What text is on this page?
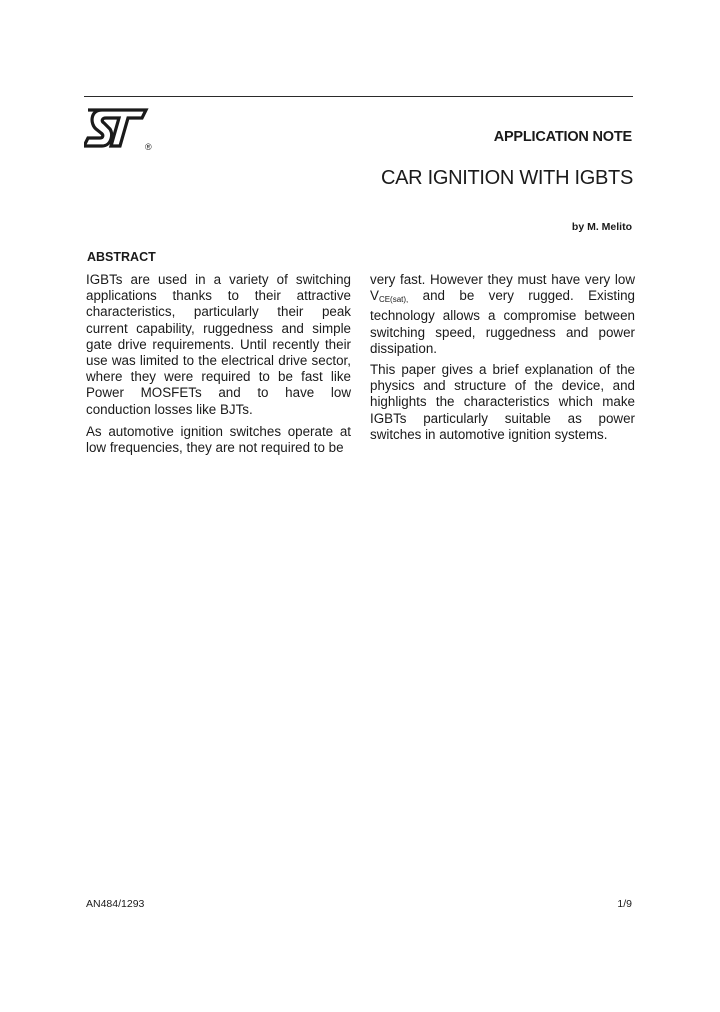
®
APPLICATION NOTE
CAR IGNITION WITH IGBTS
by M. Melito
ABSTRACT

IGBTs are used in a variety of switching applications thanks to their attractive characteristics, particularly their peak current capability, ruggedness and simple gate drive requirements. Until recently their use was limited to the electrical drive sector, where they were required to be fast like Power MOSFETs and to have low conduction losses like BJTs.

As automotive ignition switches operate at low frequencies, they are not required to be

very fast. However they must have very low $V_{CE(sat),}$ and be very rugged. Existing technology allows a compromise between switching speed, ruggedness and power dissipation.

This paper gives a brief explanation of the physics and structure of the device, and highlights the characteristics which make IGBTs particularly suitable as power switches in automotive ignition systems.

AN484/1293	1/9
